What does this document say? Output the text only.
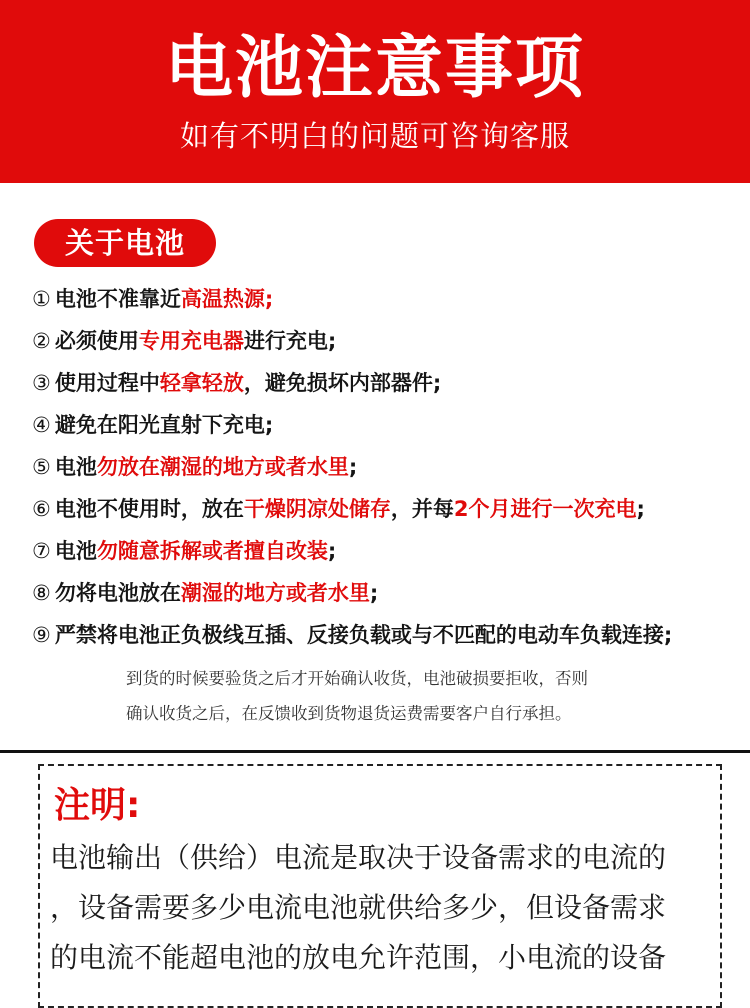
电池注意事项
如有不明白的问题可咨询客服
关于电池
① 电池不准靠近高温热源;
② 必须使用专用充电器进行充电;
③ 使用过程中轻拿轻放，避免损坏内部器件;
④ 避免在阳光直射下充电;
⑤ 电池勿放在潮湿的地方或者水里;
⑥ 电池不使用时，放在干燥阴凉处储存，并每2个月进行一次充电;
⑦ 电池勿随意拆解或者擅自改装;
⑧ 勿将电池放在潮湿的地方或者水里;
⑨ 严禁将电池正负极线互插、反接负载或与不匹配的电动车负载连接;
到货的时候要验货之后才开始确认收货，电池破损要拒收，否则
确认收货之后，在反馈收到货物退货运费需要客户自行承担。
注明:
电池输出（供给）电流是取决于设备需求的电流的
，设备需要多少电流电池就供给多少，但设备需求
的电流不能超电池的放电允许范围，小电流的设备
